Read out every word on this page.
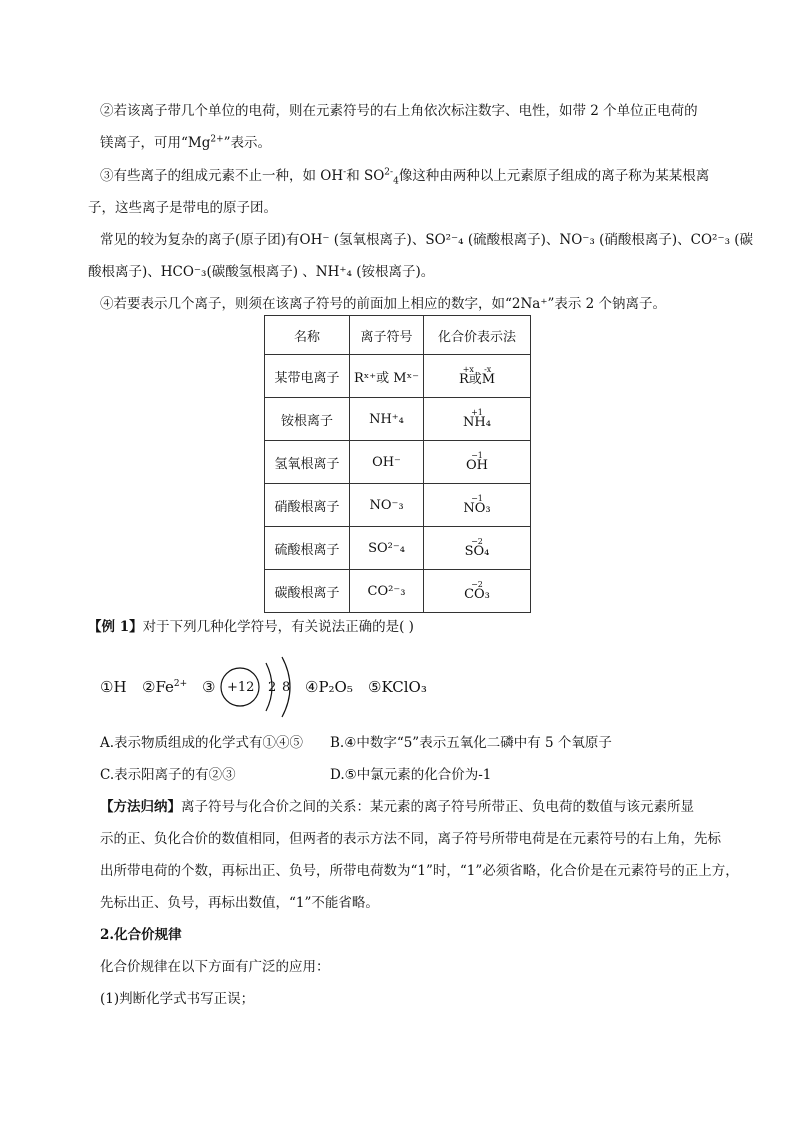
②若该离子带几个单位的电荷，则在元素符号的右上角依次标注数字、电性，如带 2 个单位正电荷的
镁离子，可用“$Mg^{2+}$”表示。
③有些离子的组成元素不止一种，如 OH-和 $SO^{2-}_4$像这种由两种以上元素原子组成的离子称为某某根离
子，这些离子是带电的原子团。
常见的较为复杂的离子(原子团)有OH⁻ (氢氧根离子)、SO²⁻₄ (硫酸根离子)、NO⁻₃ (硝酸根离子)、CO²⁻₃ (碳
酸根离子)、HCO⁻₃(碳酸氢根离子) 、NH⁺₄ (铵根离子)。
④若要表示几个离子，则须在该离子符号的前面加上相应的数字，如“2Na⁺”表示 2 个钠离子。
名称	离子符号	化合价表示法
某带电离子	Rˣ⁺或 Mˣ⁻	+x    -x
R或M
铵根离子	NH⁺₄	+1
NH₄
氢氧根离子	OH⁻	−1
OH
硝酸根离子	NO⁻₃	−1
NO₃
硫酸根离子	SO²⁻₄	−2
SO₄
碳酸根离子	CO²⁻₃	−2
CO₃
【例 1】对于下列几种化学符号，有关说法正确的是( )
①H $②Fe^{2+}$ ③ +12 2 8 ④P₂O₅ ⑤KClO₃
A.表示物质组成的化学式有①④⑤ B.④中数字“5”表示五氧化二磷中有 5 个氧原子
C.表示阳离子的有②③	D.⑤中氯元素的化合价为-1
【方法归纳】离子符号与化合价之间的关系：某元素的离子符号所带正、负电荷的数值与该元素所显
示的正、负化合价的数值相同，但两者的表示方法不同，离子符号所带电荷是在元素符号的右上角，先标
出所带电荷的个数，再标出正、负号，所带电荷数为“1”时，“1”必须省略，化合价是在元素符号的正上方，
先标出正、负号，再标出数值，“1”不能省略。
2.化合价规律
化合价规律在以下方面有广泛的应用：
(1)判断化学式书写正误；
